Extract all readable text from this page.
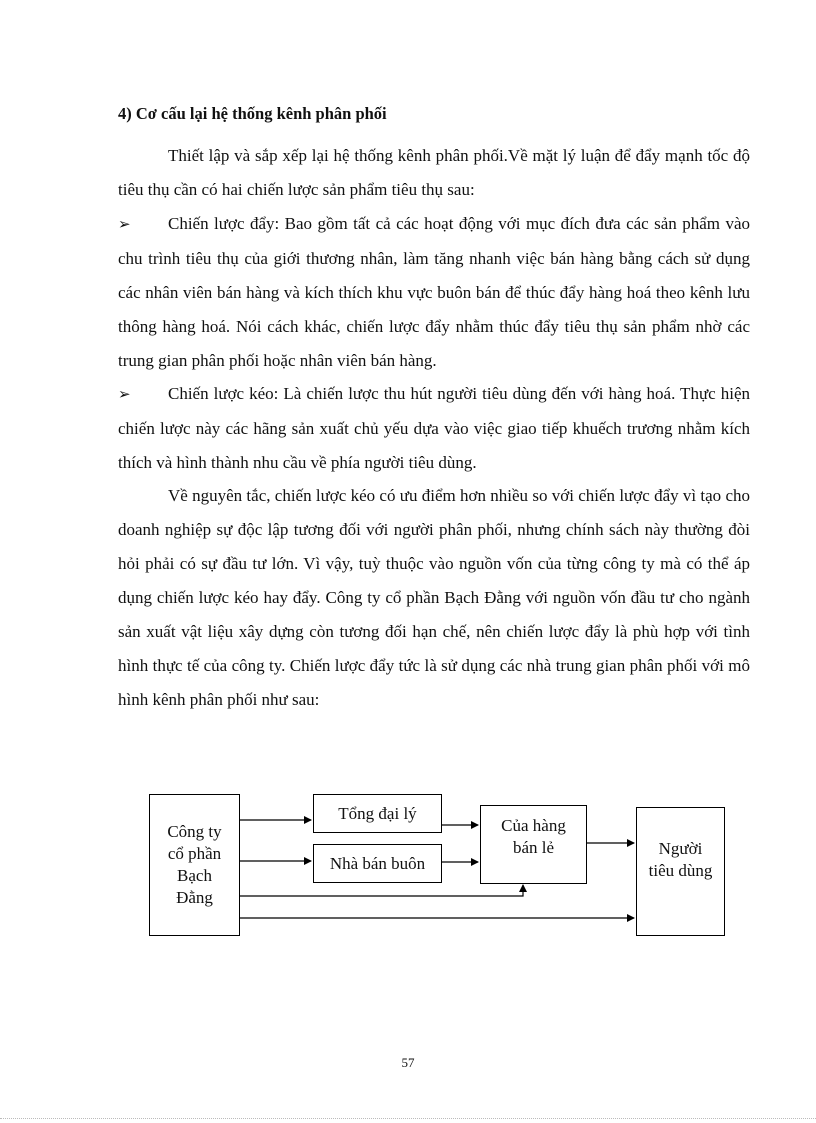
4) Cơ cấu lại hệ thống kênh phân phối

Thiết lập và sắp xếp lại hệ thống kênh phân phối.Về mặt lý luận để đẩy mạnh tốc độ tiêu thụ cần có hai chiến lược sản phẩm tiêu thụ sau:

➢ Chiến lược đẩy: Bao gồm tất cả các hoạt động với mục đích đưa các sản phẩm vào chu trình tiêu thụ của giới thương nhân, làm tăng nhanh việc bán hàng bằng cách sử dụng các nhân viên bán hàng và kích thích khu vực buôn bán để thúc đẩy hàng hoá theo kênh lưu thông hàng hoá. Nói cách khác, chiến lược đẩy nhằm thúc đẩy tiêu thụ sản phẩm nhờ các trung gian phân phối hoặc nhân viên bán hàng.

➢ Chiến lược kéo: Là chiến lược thu hút người tiêu dùng đến với hàng hoá. Thực hiện chiến lược này các hãng sản xuất chủ yếu dựa vào việc giao tiếp khuếch trương nhằm kích thích và hình thành nhu cầu về phía người tiêu dùng.

Về nguyên tắc, chiến lược kéo có ưu điểm hơn nhiều so với chiến lược đẩy vì tạo cho doanh nghiệp sự độc lập tương đối với người phân phối, nhưng chính sách này thường đòi hỏi phải có sự đầu tư lớn. Vì vậy, tuỳ thuộc vào nguồn vốn của từng công ty mà có thể áp dụng chiến lược kéo hay đẩy. Công ty cổ phần Bạch Đằng với nguồn vốn đầu tư cho ngành sản xuất vật liệu xây dựng còn tương đối hạn chế, nên chiến lược đẩy là phù hợp với tình hình thực tế của công ty. Chiến lược đẩy tức là sử dụng các nhà trung gian phân phối với mô hình kênh phân phối như sau:

Công ty
cổ phần
Bạch
Đằng
Tổng đại lý
Nhà bán buôn
Của hàng
bán lẻ	Người
tiêu dùng
57
